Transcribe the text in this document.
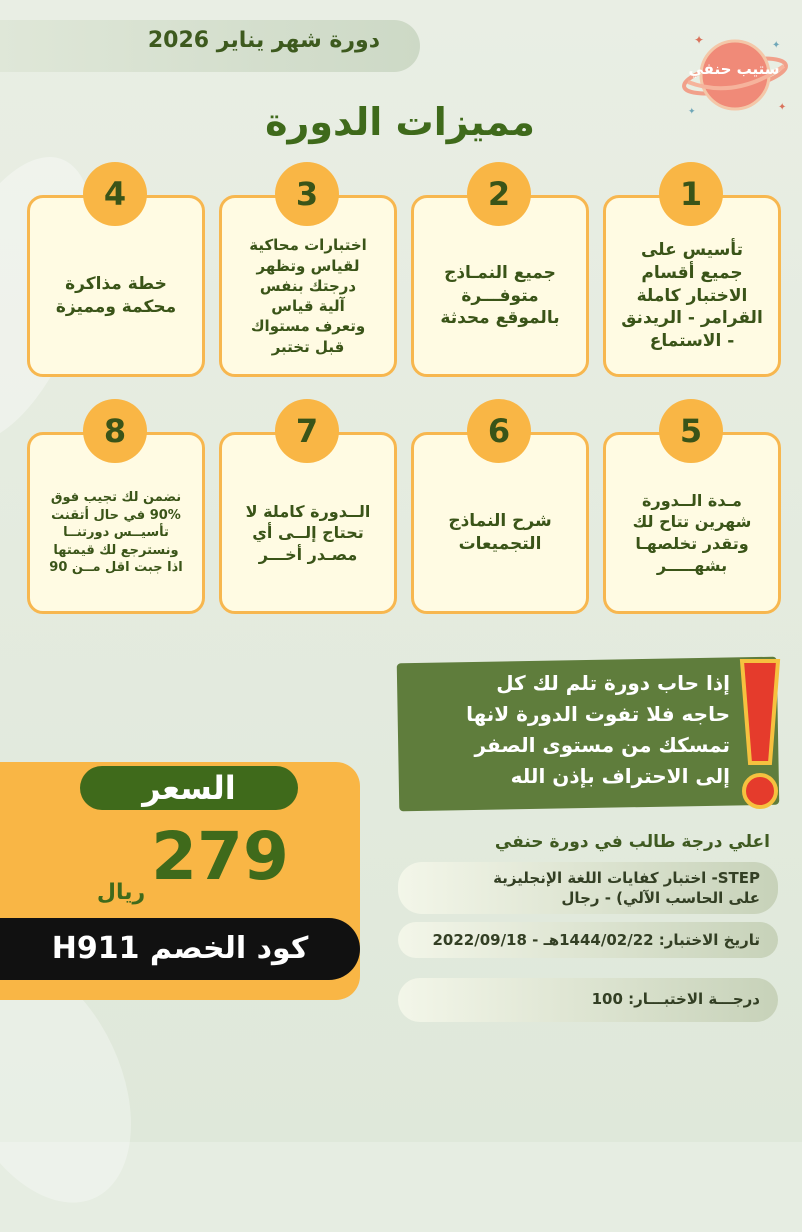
دورة شهر يناير 2026	✦	✦
✦
✦
ستيب حنفي
مميزات الدورة
تأسيس على
جميع أقسام
الاختبار كاملة
القرامر - الريدنق
- الاستماع
1
جميع النمـاذج
متوفـــرة
بالموقع محدثة
2
اختبارات محاكية
لقياس وتظهر
درجتك بنفس
آلية قياس
وتعرف مستواك
قبل تختبر
3
خطة مذاكرة
محكمة ومميزة
4
مـدة الــدورة
شهرين تتاح لك
وتقدر تخلصهـا
بشهـــــر
5
شرح النماذج
التجميعات
6
الــدورة كاملة لا
تحتاج إلــى أي
مصـدر أخـــر
7
نضمن لك تجيب فوق
90% في حال أتقنت
تأسيــس دورتنــا
ونسترجع لك قيمتها
اذا جبت اقل مــن 90
8
إذا حاب دورة تلم لك كل
حاجه فلا تفوت الدورة لانها
تمسكك من مستوى الصفر
إلى الاحتراف بإذن الله
السعر
279
ريال
كود الخصم H911
اعلي درجة طالب في دورة حنفي
STEP- اختبار كفايات اللغة الإنجليزية
على الحاسب الآلي) - رجال
تاريخ الاختبار: 1444/02/22هـ - 2022/09/18
درجـــة الاختبـــار: 100
